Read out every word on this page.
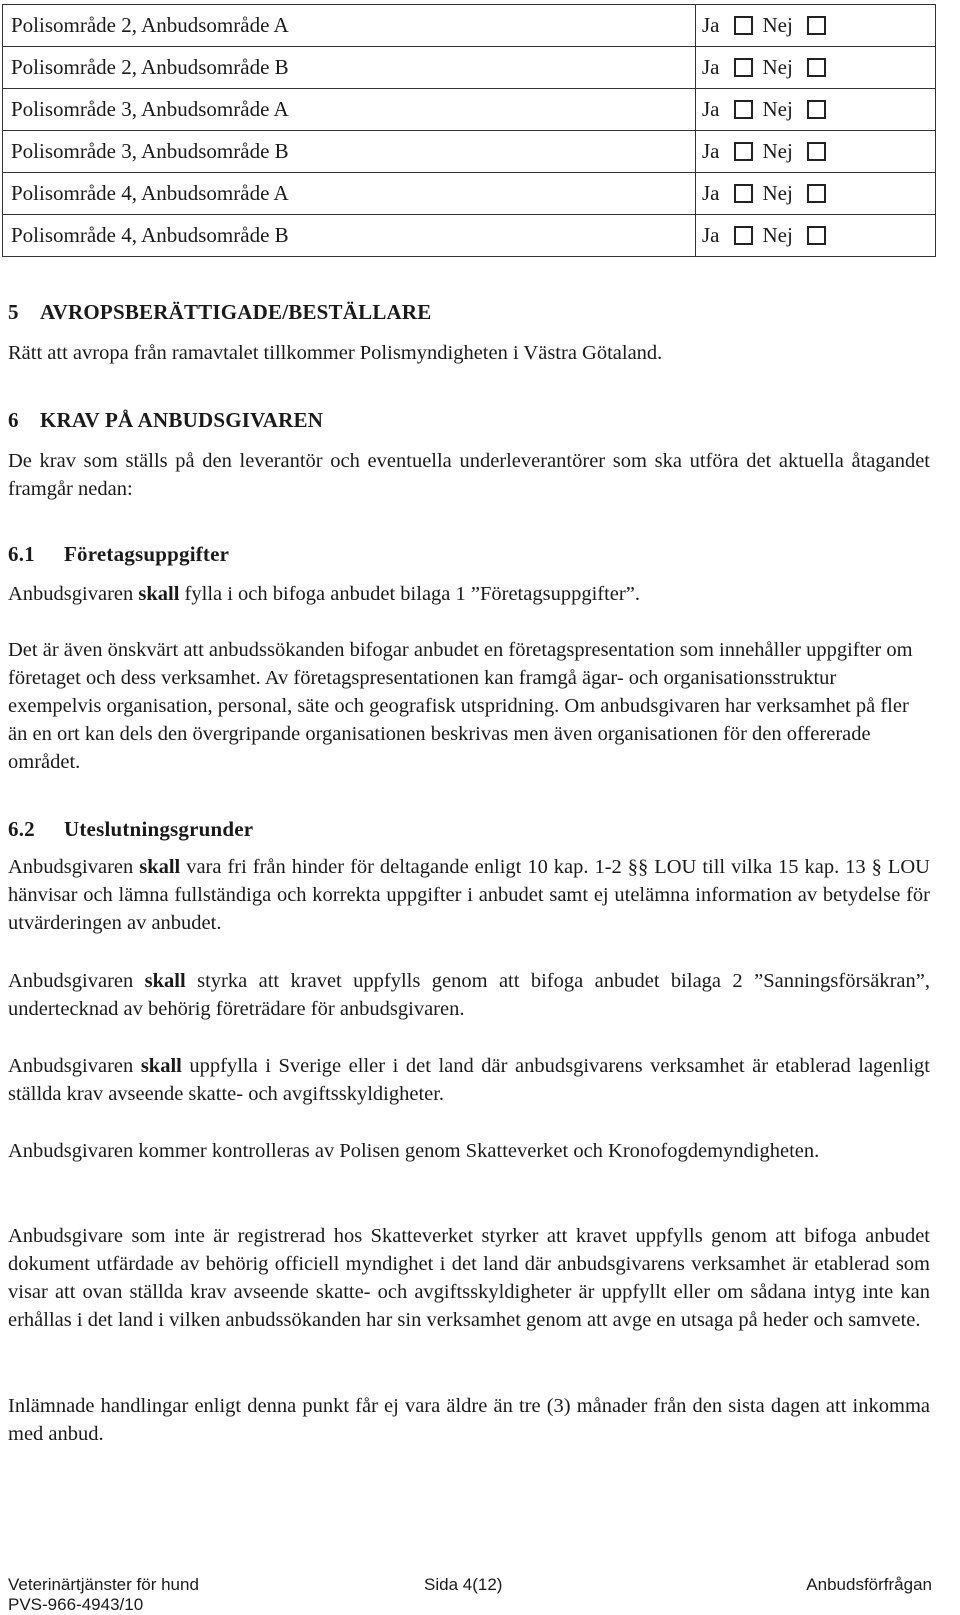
Polisområde 2, Anbudsområde A	Ja Nej

Polisområde 2, Anbudsområde B	Ja Nej

Polisområde 3, Anbudsområde A	Ja Nej

Polisområde 3, Anbudsområde B	Ja Nej

Polisområde 4, Anbudsområde A	Ja Nej

Polisområde 4, Anbudsområde B	Ja Nej
5 AVROPSBERÄTTIGADE/BESTÄLLARE

Rätt att avropa från ramavtalet tillkommer Polismyndigheten i Västra Götaland.

6 KRAV PÅ ANBUDSGIVAREN

De krav som ställs på den leverantör och eventuella underleverantörer som ska utföra det aktuella åtagandet framgår nedan:

6.1 Företagsuppgifter

Anbudsgivaren skall fylla i och bifoga anbudet bilaga 1 ”Företagsuppgifter”.

Det är även önskvärt att anbudssökanden bifogar anbudet en företagspresentation som innehåller uppgifter om företaget och dess verksamhet. Av företagspresentationen kan framgå ägar- och organisationsstruktur exempelvis organisation, personal, säte och geografisk utspridning. Om anbudsgivaren har verksamhet på fler än en ort kan dels den övergripande organisationen beskrivas men även organisationen för den offererade området.

6.2 Uteslutningsgrunder

Anbudsgivaren skall vara fri från hinder för deltagande enligt 10 kap. 1-2 §§ LOU till vilka 15 kap. 13 § LOU hänvisar och lämna fullständiga och korrekta uppgifter i anbudet samt ej utelämna information av betydelse för utvärderingen av anbudet.

Anbudsgivaren skall styrka att kravet uppfylls genom att bifoga anbudet bilaga 2 ”Sanningsförsäkran”, undertecknad av behörig företrädare för anbudsgivaren.

Anbudsgivaren skall uppfylla i Sverige eller i det land där anbudsgivarens verksamhet är etablerad lagenligt ställda krav avseende skatte- och avgiftsskyldigheter.

Anbudsgivaren kommer kontrolleras av Polisen genom Skatteverket och Kronofogdemyndigheten.

Anbudsgivare som inte är registrerad hos Skatteverket styrker att kravet uppfylls genom att bifoga anbudet dokument utfärdade av behörig officiell myndighet i det land där anbudsgivarens verksamhet är etablerad som visar att ovan ställda krav avseende skatte- och avgiftsskyldigheter är uppfyllt eller om sådana intyg inte kan erhållas i det land i vilken anbudssökanden har sin verksamhet genom att avge en utsaga på heder och samvete.

Inlämnade handlingar enligt denna punkt får ej vara äldre än tre (3) månader från den sista dagen att inkomma med anbud.

Veterinärtjänster för hund
PVS-966-4943/10
Sida 4(12)	Anbudsförfrågan
